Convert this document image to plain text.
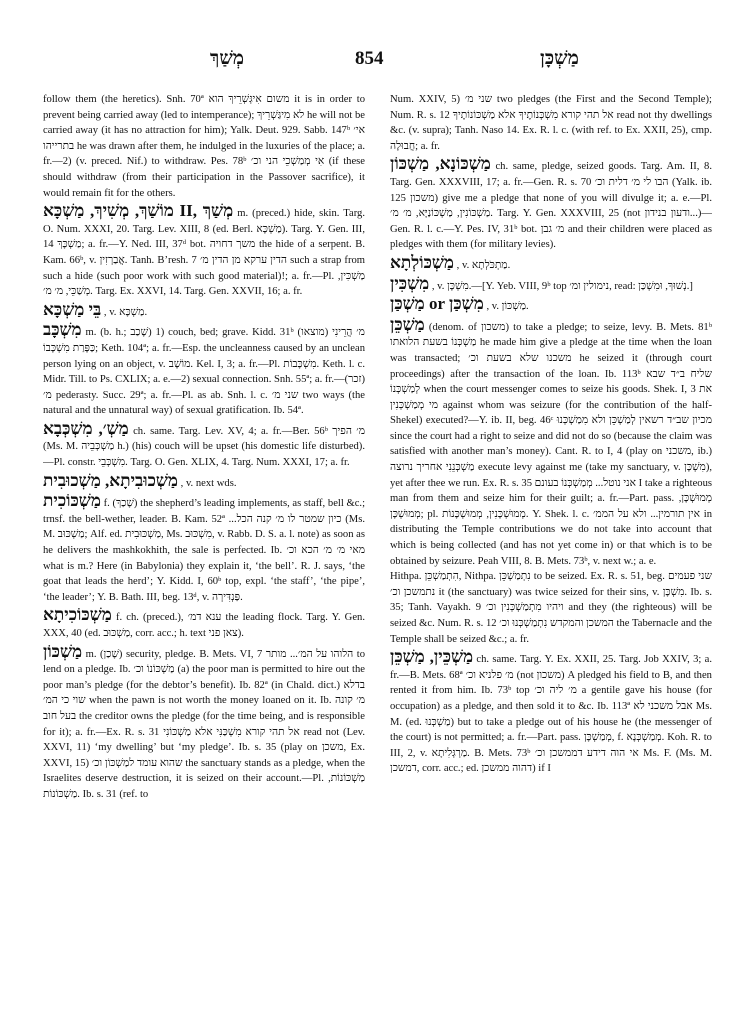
מְשַׁךְ	854	מַשְׁכָּן

follow them (the heretics). Snh. 70ª משום אִיגְּשְׁרֵיךְ הוא it is in order to prevent being carried away (led to intemperance); לא מִיגַּשְׁרֵיךְ he will not be carried away (it has no attraction for him); Yalk. Deut. 929. Sabb. 147ᵇ אי׳ בתרייהו he was drawn after them, he indulged in the luxuries of the place; a. fr.—2) (v. preced. Nif.) to withdraw. Pes. 78ᵇ אִי מְמַשְׁכֵי הני וכ׳ (if these should withdraw (from their participation in the Passover sacrifice), it would remain fit for the others.

מוֹשַׁךְ, מְשִׁיךְ, מַשְׁכָּא II, מְשַׁךְ m. (preced.) hide, skin. Targ. O. Num. XXXI, 20. Targ. Lev. XIII, 8 (ed. Berl. מַשְׁכָּא). Targ. Y. Gen. III, 14 מַשְׁכָּךְ; a. fr.—Y. Ned. III, 37ᵈ bot. משך דחויה the hide of a serpent. B. Kam. 66ᵇ, v. אֲבַרְזִין. Tanh. B’resh. 7 הדין ערקא מן הדין מ׳ such a strap from such a hide (such poor work with such good material)!; a. fr.—Pl. מַשְׁכִּין, מְשַׁכֵּי, מ׳ מ׳. Targ. Ex. XXVI, 14. Targ. Gen. XXVII, 16; a. fr.

בֵּי מַשְׁכָּא , v. מַשְׁכָּא.

מִשְׁכָּב m. (b. h.; שָׁכַב) 1) couch, bed; grave. Kidd. 31ᵇ (מוצאו) מ׳ הֲרֵינִי כַּפָּרַת מִשְׁכָּבוֹ; Keth. 104ª; a. fr.—Esp. the uncleanness caused by an unclean person lying on an object, v. מוֹשָׁב. Kel. I, 3; a. fr.—Pl. מִשְׁכָּבוֹת. Keth. l. c. Midr. Till. to Ps. CXLIX; a. e.—2) sexual connection. Snh. 55ª; a. fr.—(זכר) מ׳ pederasty. Succ. 29ª; a. fr.—Pl. as ab. Snh. l. c. שני מ׳ two ways (the natural and the unnatural way) of sexual gratification. Ib. 54ª.

מַשְׁ׳, מִשְׁכְּבָא ch. same. Targ. Lev. XV, 4; a. fr.—Ber. 56ᵇ מ׳ הפיך (Ms. M. מַשְׁכְּבֵיה h.) (his) couch will be upset (his domestic life disturbed).—Pl. constr. מִשְׁכְּבֵי. Targ. O. Gen. XLIX, 4. Targ. Num. XXXI, 17; a. fr.

מַשְׁכוּבִיתָא, מַשְׁכוּבִית , v. next wds.

מַשְׁכּוֹכִית f. (שָׁכַךְ) the shepherd’s leading implements, as staff, bell &c.; trnsf. the bell-wether, leader. B. Kam. 52ª ...כיון שמטר לו מ׳ קנה הכל (Ms. M. מַשְׁכּוּב; Alf. ed. מַשְׁכּוּבִית, Ms. מִשְׁכּוּב, v. Rabb. D. S. a. l. note) as soon as he delivers the mashkokhith, the sale is perfected. Ib. מאי מ׳ מ׳ הכא וכ׳ what is m.? Here (in Babylonia) they explain it, ‘the bell’. R. J. says, ‘the goat that leads the herd’; Y. Kidd. I, 60ᵇ top, expl. ‘the staff’, ‘the pipe’, ‘the leader’; Y. B. Bath. III, beg. 13ᵈ, v. פַּנְדִּירְה.

מַשְׁכּוֹכִיתָא f. ch. (preced.), ענא דמ׳ the leading flock. Targ. Y. Gen. XXX, 40 (ed. מַשְׁכּוּב, corr. acc.; h. text צאן פני).

מַשְׁכּוֹן m. (שָׁכַן) security, pledge. B. Mets. VI, 7 הלוהו על המ׳... מותר to lend on a pledge. Ib. מַשְׁכּוֹנוֹ וכ׳ (a) the poor man is permitted to hire out the poor man’s pledge (for the debtor’s benefit). Ib. 82ª (in Chald. dict.) בדלא שוי כי המ׳ when the pawn is not worth the money loaned on it. Ib. מ׳ קונה בעל חוב the creditor owns the pledge (for the time being, and is responsible for it); a. fr.—Ex. R. s. 31 אל תהי קורא מִשְׁכַּנִּי אלא מַשְׁכּוֹנִי read not (Lev. XXVI, 11) ‘my dwelling’ but ‘my pledge’. Ib. s. 35 (play on משכן, Ex. XXVI, 15) שהוא עומד למַשְׁכּוֹן וכ׳ the sanctuary stands as a pledge, when the Israelites deserve destruction, it is seized on their account.—Pl. מַשְׁכּוֹנוֹת, מַשְׁכּוֹנוֹת. Ib. s. 31 (ref. to

Num. XXIV, 5) שני מ׳ two pledges (the First and the Second Temple); Num. R. s. 12 אל תהי קורא מִשְׁכְּנוֹתֶיךָ אלא מַשְׁכּוֹנוֹתֶיךָ read not thy dwellings &c. (v. supra); Tanh. Naso 14. Ex. R. l. c. (with ref. to Ex. XXII, 25), cmp. חֲבוּלָה; a. fr.

מַשְׁכּוֹנָא, מַשְׁכּוֹן ch. same, pledge, seized goods. Targ. Am. II, 8. Targ. Gen. XXXVIII, 17; a. fr.—Gen. R. s. 70 הבו לי מ׳ דלית וכ׳ (Yalk. ib. 125 משכון) give me a pledge that none of you will divulge it; a. e.—Pl. מַשְׁכּוֹנִין, מַשְׁכּוֹנַיָּא, מ׳ מ׳. Targ. Y. Gen. XXXVIII, 25 (not ודעון בנידון...)—Gen. R. l. c.—Y. Pes. IV, 31ᵇ bot. מ׳ גבן and their children were placed as pledges with them (for military levies).

מַשְׁכּוֹלְתָא , v. מַתְכֹּלְתָא.

מִשְׁכִּין , v. מִשְׁכָּן.—[Y. Yeb. VIII, 9ᵇ top נימולין ומ׳, read: נְשׁוּךְ, וּמִשְׁכַּן.]

מַשְׁכַּן or מִשְׁכַּן , v. מַשְׁכּוֹן.

מַשְׁכֵּן (denom. of משכון) to take a pledge; to seize, levy. B. Mets. 81ᵇ מַשְׁכְּנוֹ בשעת הלואתו he made him give a pledge at the time when the loan was transacted; משכנו שלא בשעת וכ׳ he seized it (through court proceedings) after the transaction of the loan. Ib. 113ᵇ שליח ב״ד שבא לְמַשְׁכְּנוֹ when the court messenger comes to seize his goods. Shek. I, 3 את מי מְמַשְׁכְּנִין against whom was seizure (for the contribution of the half-Shekel) executed?—Y. ib. II, beg. 46ᶜ מכיון שב״ד רשאין לְמַשְׁכֵּן ולא מִמַשְׁכְּנוּ since the court had a right to seize and did not do so (because the claim was satisfied with another man’s money). Cant. R. to I, 4 (play on משכני, ib.) מַשְׁכְּנֵנִי אחריך נרוצה execute levy against me (take my sanctuary, v. מִשְׁכָּן), yet after thee we run. Ex. R. s. 35 אני נוטל... מְמַשְׁכְּנוֹ בעונם I take a righteous man from them and seize him for their guilt; a. fr.—Part. pass. מְמוּשְׁכָּן, מְמוּשְׁכָּן; pl. מְמוּשְׁכָּנִין, מְמוּשְׁכָּנוֹת. Y. Shek. l. c. אין תורמין... ולא על הממ׳ in distributing the Temple contributions we do not take into account that which is being collected (and has not yet come in) or that which is to be obtained by seizure. Peah VIII, 8. B. Mets. 73ᵇ, v. next w.; a. e.

Hithpa. הִתְמַשְׁכֵּן, Nithpa. נִתְמַשְׁכֵּן to be seized. Ex. R. s. 51, beg. שני פעמים נתמשכן וכ׳ it (the sanctuary) was twice seized for their sins, v. מִשְׁכָּן. Ib. s. 35; Tanh. Vayakh. 9 ויהיו מִתְמַשְׁכְּנִין וכ׳ and they (the righteous) will be seized &c. Num. R. s. 12 המשכן והמקדש נִתְמַשְׁכְּנוּ וכ׳ the Tabernacle and the Temple shall be seized &c.; a. fr.

מַשְׁכֵּין, מַשְׁכֵּן ch. same. Targ. Y. Ex. XXII, 25. Targ. Job XXIV, 3; a. fr.—B. Mets. 68ª מ׳ פלניא וכ׳ (not משכון) A pledged his field to B, and then rented it from him. Ib. 73ᵇ top מ׳ ליה וכ׳ a gentile gave his house (for occupation) as a pledge, and then sold it to &c. Ib. 113ª אבל משכני לא Ms. M. (ed. מַשְׁכְּנוּ) but to take a pledge out of his house he (the messenger of the court) is not permitted; a. fr.—Part. pass. מְמַשְׁכָּן, f. מְמַשְׁכְּנָא. Koh. R. to III, 2, v. מַרְגְּלִיתָא. B. Mets. 73ᵇ אי הוה דידע דממשכן וכ׳ Ms. F. (Ms. M. דמשכן, corr. acc.; ed. דהוה ממשכן) if I
